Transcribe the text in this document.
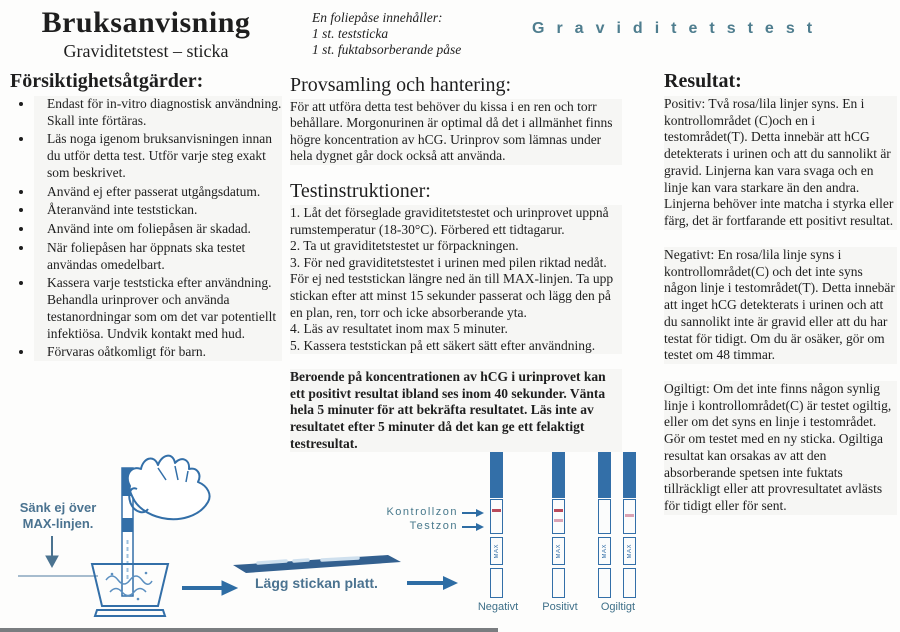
Bruksanvisning
Graviditetstest – sticka
Försiktighetsåtgärder:
• Endast för in-vitro diagnostisk användning. Skall inte förtäras.
• Läs noga igenom bruksanvisningen innan du utför detta test. Utför varje steg exakt som beskrivet.
• Använd ej efter passerat utgångsdatum.
• Återanvänd inte teststickan.
• Använd inte om foliepåsen är skadad.
• När foliepåsen har öppnats ska testet användas omedelbart.
• Kassera varje teststicka efter användning. Behandla urinprover och använda testanordningar som om det var potentiellt infektiösa. Undvik kontakt med hud.
• Förvaras oåtkomligt för barn.
En foliepåse innehåller:
1 st. teststicka
1 st. fuktabsorberande påse
Provsamling och hantering:
För att utföra detta test behöver du kissa i en ren och torr behållare. Morgonurinen är optimal då det i allmänhet finns högre koncentration av hCG. Urinprov som lämnas under hela dygnet går dock också att använda.
Testinstruktioner:
1. Låt det förseglade graviditetstestet och urinprovet uppnå rumstemperatur (18-30°C). Förbered ett tidtagarur.
2. Ta ut graviditetstestet ur förpackningen.
3. För ned graviditetstestet i urinen med pilen riktad nedåt. För ej ned teststickan längre ned än till MAX-linjen. Ta upp stickan efter att minst 15 sekunder passerat och lägg den på en plan, ren, torr och icke absorberande yta.
4. Läs av resultatet inom max 5 minuter.
5. Kassera teststickan på ett säkert sätt efter användning.
Beroende på koncentrationen av hCG i urinprovet kan ett positivt resultat ibland ses inom 40 sekunder. Vänta hela 5 minuter för att bekräfta resultatet. Läs inte av resultatet efter 5 minuter då det kan ge ett felaktigt testresultat.
Resultat:

Positiv: Två rosa/lila linjer syns. En i kontrollområdet (C)och en i testområdet(T). Detta innebär att hCG detekterats i urinen och att du sannolikt är gravid. Linjerna kan vara svaga och en linje kan vara starkare än den andra. Linjerna behöver inte matcha i styrka eller färg, det är fortfarande ett positivt resultat.

Negativt: En rosa/lila linje syns i kontrollområdet(C) och det inte syns någon linje i testområdet(T). Detta innebär att inget hCG detekterats i urinen och att du sannolikt inte är gravid eller att du har testat för tidigt. Om du är osäker, gör om testet om 48 timmar.

Ogiltigt: Om det inte finns någon synlig linje i kontrollområdet(C) är testet ogiltig, eller om det syns en linje i testområdet. Gör om testet med en ny sticka. Ogiltiga resultat kan orsakas av att den absorberande spetsen inte fuktats tillräckligt eller att provresultatet avlästs för tidigt eller för sent.

Graviditetstest
Sänk ej över
MAX-linjen.
Lägg stickan platt.
Kontrollzon
Testzon
MAX	MAX	MAX	MAX
Negativt	Positivt	Ogiltigt
